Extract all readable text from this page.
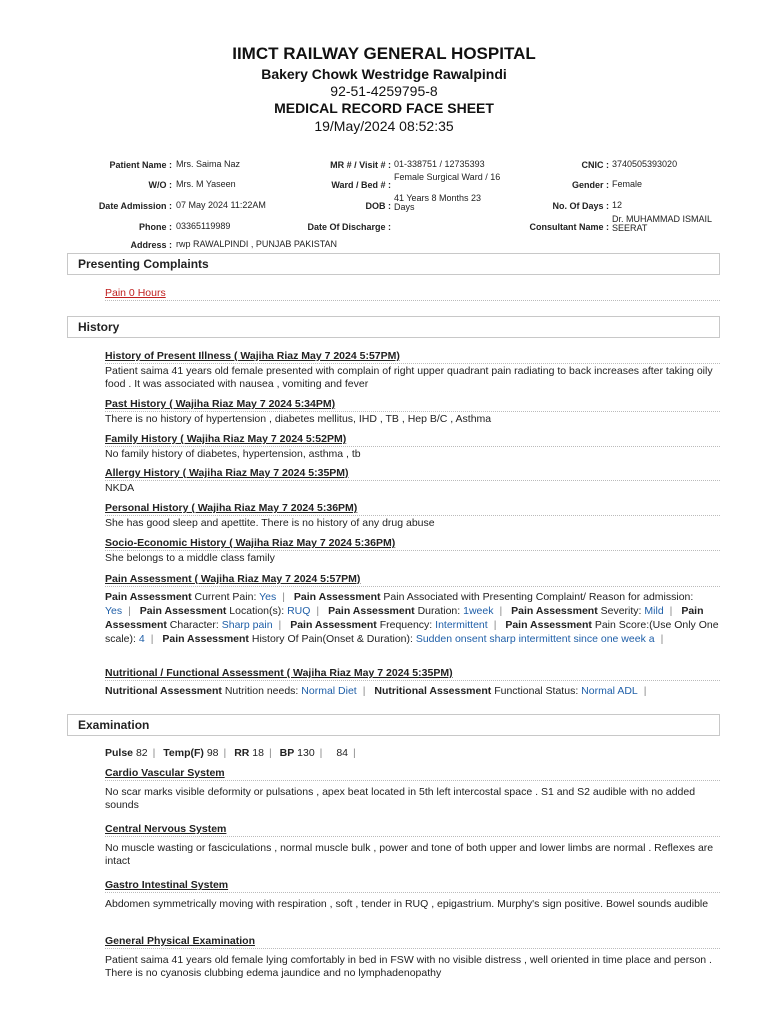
IIMCT RAILWAY GENERAL HOSPITAL
Bakery Chowk Westridge Rawalpindi
92-51-4259795-8
MEDICAL RECORD FACE SHEET
19/May/2024 08:52:35
Patient Name : Mrs. Saima Naz
W/O : Mrs. M Yaseen
Date Admission : 07 May 2024 11:22AM
Phone : 03365119989
Address : rwp RAWALPINDI , PUNJAB PAKISTAN
MR # / Visit # : 01-338751 / 12735393
Ward / Bed # :
Female Surgical Ward / 16
DOB :
41 Years 8 Months 23 Days
Date Of Discharge :
CNIC : 3740505393020
Gender : Female
No. Of Days : 12
Consultant Name :
Dr. MUHAMMAD ISMAIL SEERAT
Presenting Complaints
Pain 0 Hours
History
History of Present Illness ( Wajiha Riaz May 7 2024 5:57PM)
Patient saima 41 years old female presented with complain of right upper quadrant pain radiating to back increases after taking oily food . It was associated with nausea , vomiting and fever
Past History ( Wajiha Riaz May 7 2024 5:34PM)
There is no history of hypertension , diabetes mellitus, IHD , TB , Hep B/C , Asthma
Family History ( Wajiha Riaz May 7 2024 5:52PM)
No family history of diabetes, hypertension, asthma , tb
Allergy History ( Wajiha Riaz May 7 2024 5:35PM)
NKDA
Personal History ( Wajiha Riaz May 7 2024 5:36PM)
She has good sleep and apettite. There is no history of any drug abuse
Socio-Economic History ( Wajiha Riaz May 7 2024 5:36PM)
She belongs to a middle class family
Pain Assessment ( Wajiha Riaz May 7 2024 5:57PM)
Pain Assessment Current Pain: Yes | Pain Assessment Pain Associated with Presenting Complaint/ Reason for admission: Yes | Pain Assessment Location(s): RUQ | Pain Assessment Duration: 1week | Pain Assessment Severity: Mild | Pain Assessment Character: Sharp pain | Pain Assessment Frequency: Intermittent | Pain Assessment Pain Score:(Use Only One scale): 4 | Pain Assessment History Of Pain(Onset & Duration): Sudden onsent sharp intermittent since one week a |
Nutritional / Functional Assessment ( Wajiha Riaz May 7 2024 5:35PM)
Nutritional Assessment Nutrition needs: Normal Diet | Nutritional Assessment Functional Status: Normal ADL |
Examination
Pulse 82 | Temp(F) 98 | RR 18 | BP 130 | 84 |
Cardio Vascular System
No scar marks visible deformity or pulsations , apex beat located in 5th left intercostal space . S1 and S2 audible with no added sounds
Central Nervous System
No muscle wasting or fasciculations , normal muscle bulk , power and tone of both upper and lower limbs are normal . Reflexes are intact
Gastro Intestinal System
Abdomen symmetrically moving with respiration , soft , tender in RUQ , epigastrium. Murphy's sign positive. Bowel sounds audible
General Physical Examination
Patient saima 41 years old female lying comfortably in bed in FSW with no visible distress , well oriented in time place and person . There is no cyanosis clubbing edema jaundice and no lymphadenopathy
